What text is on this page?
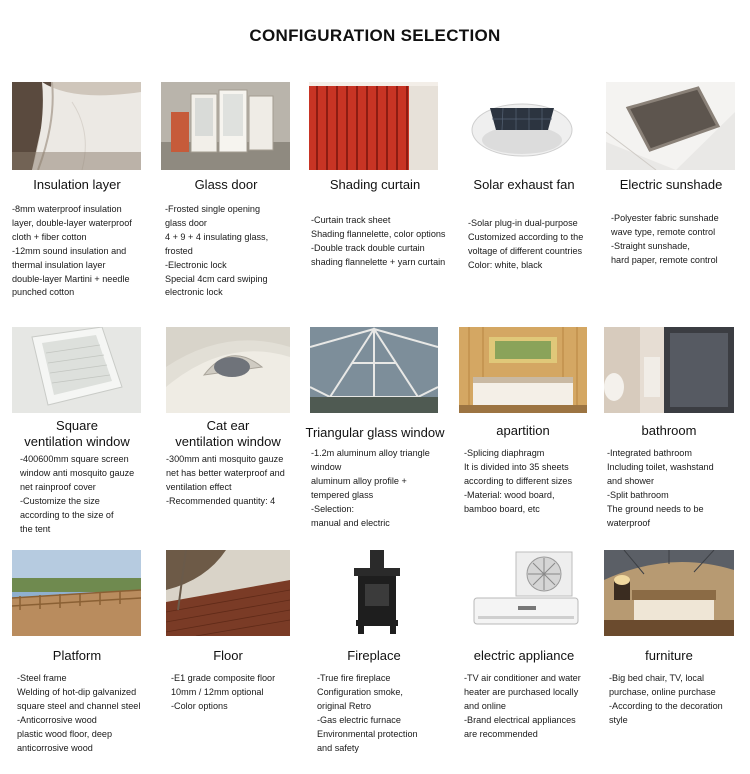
CONFIGURATION SELECTION
Insulation layer
-8mm waterproof insulation
layer, double-layer waterproof
cloth + fiber cotton
-12mm sound insulation and
thermal insulation layer
double-layer Martini + needle
punched cotton
Glass door
-Frosted single opening
glass door
4 + 9 + 4 insulating glass,
frosted
-Electronic lock
Special 4cm card swiping
electronic lock
Shading curtain
-Curtain track sheet
Shading flannelette, color options
-Double track double curtain
shading flannelette + yarn curtain
Solar exhaust fan
-Solar plug-in dual-purpose
Customized according to the
voltage of different countries
Color: white, black
Electric sunshade
-Polyester fabric sunshade
wave type, remote control
-Straight sunshade,
hard paper, remote control
Square
ventilation window
-400600mm square screen
window anti mosquito gauze
net rainproof cover
-Customize the size
according to the size of
the tent
Cat ear
ventilation window
-300mm anti mosquito gauze
net has better waterproof and
ventilation effect
-Recommended quantity: 4
Triangular glass window
-1.2m aluminum alloy triangle
window
aluminum alloy profile +
tempered glass
-Selection:
manual and electric
apartition
-Splicing diaphragm
It is divided into 35 sheets
according to different sizes
-Material: wood board,
bamboo board, etc
bathroom
-Integrated bathroom
Including toilet, washstand
and shower
-Split bathroom
The ground needs to be
waterproof
Platform
-Steel frame
Welding of hot-dip galvanized
square steel and channel steel
-Anticorrosive wood
plastic wood floor, deep
anticorrosive wood
Floor
-E1 grade composite floor
10mm / 12mm optional
-Color options
Fireplace
-True fire fireplace
Configuration smoke,
original Retro
-Gas electric furnace
Environmental protection
and safety
electric appliance
-TV air conditioner and water
heater are purchased locally
and online
-Brand electrical appliances
are recommended
furniture
-Big bed chair, TV, local
purchase, online purchase
-According to the decoration
style
